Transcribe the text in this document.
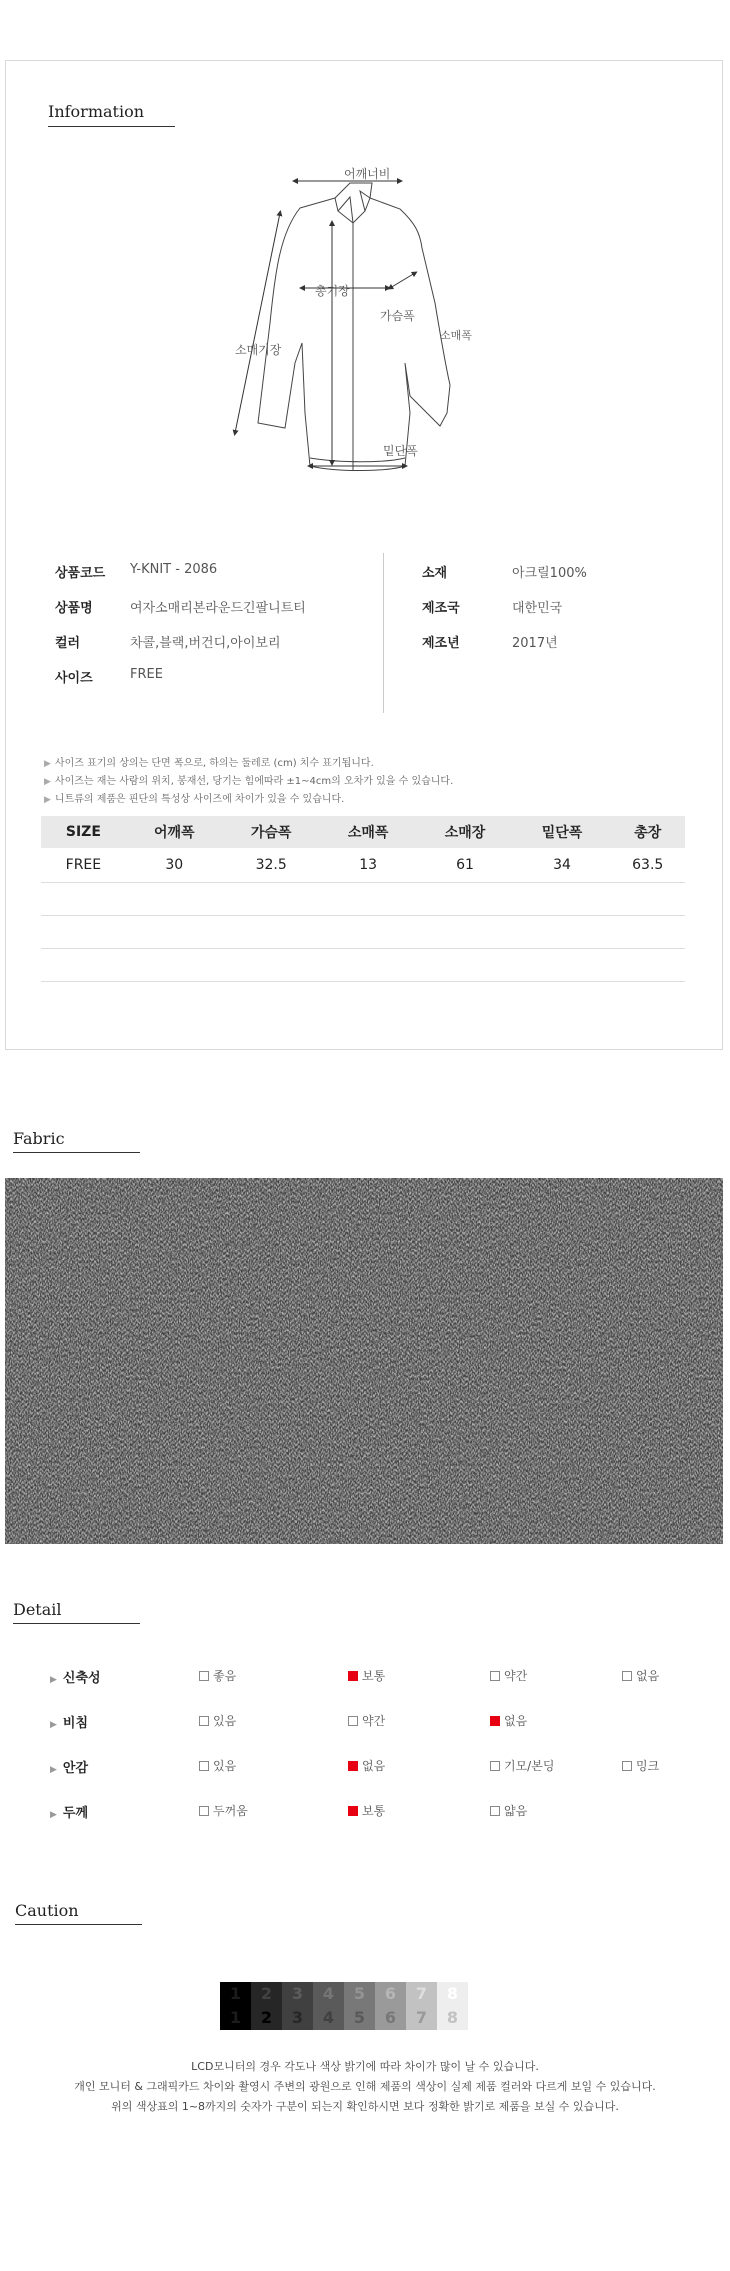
Information
어깨너비
총기장
가슴폭
소매폭
소매기장
밑단폭
상품코드 Y-KNIT - 2086
상품명	여자소매리본라운드긴팔니트티
컬러	차콜,블랙,버건디,아이보리
사이즈	FREE
소재	아크릴100%
제조국	대한민국
제조년	2017년
▶ 사이즈 표기의 상의는 단면 폭으로, 하의는 둘레로 (cm) 치수 표기됩니다.
▶ 사이즈는 재는 사람의 위치, 봉재선, 당기는 힘에따라 ±1~4cm의 오차가 있을 수 있습니다.
▶ 니트류의 제품은 핀단의 특성상 사이즈에 차이가 있을 수 있습니다.
SIZE	어깨폭	가슴폭	소매폭	소매장	밑단폭	총장
FREE	30	32.5	13	61	34	63.5

Fabric
Detail
▶ 신축성	좋음	보통	약간	없음
▶ 비침	있음	약간	없음
▶ 안감	있음	없음	기모/본딩	밍크
▶ 두께	두꺼움	보통	얇음
Caution
1
1
2
2
3
3
4
4
5
5
6
6
7
7
8
8
LCD모니터의 경우 각도나 색상 밝기에 따라 차이가 많이 날 수 있습니다.
개인 모니터 & 그래픽카드 차이와 촬영시 주변의 광원으로 인해 제품의 색상이 실제 제품 컬러와 다르게 보일 수 있습니다.
위의 색상표의 1~8까지의 숫자가 구분이 되는지 확인하시면 보다 정확한 밝기로 제품을 보실 수 있습니다.
